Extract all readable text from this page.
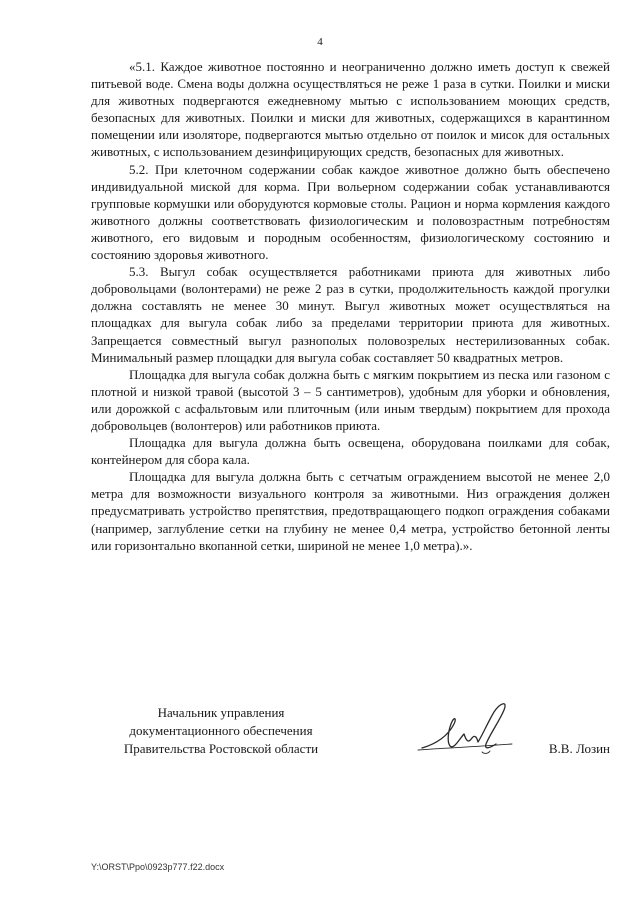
4

«5.1. Каждое животное постоянно и неограниченно должно иметь доступ к свежей питьевой воде. Смена воды должна осуществляться не реже 1 раза в сутки. Поилки и миски для животных подвергаются ежедневному мытью с использованием моющих средств, безопасных для животных. Поилки и миски для животных, содержащихся в карантинном помещении или изоляторе, подвергаются мытью отдельно от поилок и мисок для остальных животных, с использованием дезинфицирующих средств, безопасных для животных.

5.2. При клеточном содержании собак каждое животное должно быть обеспечено индивидуальной миской для корма. При вольерном содержании собак устанавливаются групповые кормушки или оборудуются кормовые столы. Рацион и норма кормления каждого животного должны соответствовать физиологическим и половозрастным потребностям животного, его видовым и породным особенностям, физиологическому состоянию и состоянию здоровья животного.

5.3. Выгул собак осуществляется работниками приюта для животных либо добровольцами (волонтерами) не реже 2 раз в сутки, продолжительность каждой прогулки должна составлять не менее 30 минут. Выгул животных может осуществляться на площадках для выгула собак либо за пределами территории приюта для животных. Запрещается совместный выгул разнополых половозрелых нестерилизованных собак. Минимальный размер площадки для выгула собак составляет 50 квадратных метров.

Площадка для выгула собак должна быть с мягким покрытием из песка или газоном с плотной и низкой травой (высотой 3 – 5 сантиметров), удобным для уборки и обновления, или дорожкой с асфальтовым или плиточным (или иным твердым) покрытием для прохода добровольцев (волонтеров) или работников приюта.

Площадка для выгула должна быть освещена, оборудована поилками для собак, контейнером для сбора кала.

Площадка для выгула должна быть с сетчатым ограждением высотой не менее 2,0 метра для возможности визуального контроля за животными. Низ ограждения должен предусматривать устройство препятствия, предотвращающего подкоп ограждения собаками (например, заглубление сетки на глубину не менее 0,4 метра, устройство бетонной ленты или горизонтально вкопанной сетки, шириной не менее 1,0 метра).».

Начальник управления
документационного обеспечения
Правительства Ростовской области	В.В. Лозин
Y:\ORST\Ppo\0923p777.f22.docx
